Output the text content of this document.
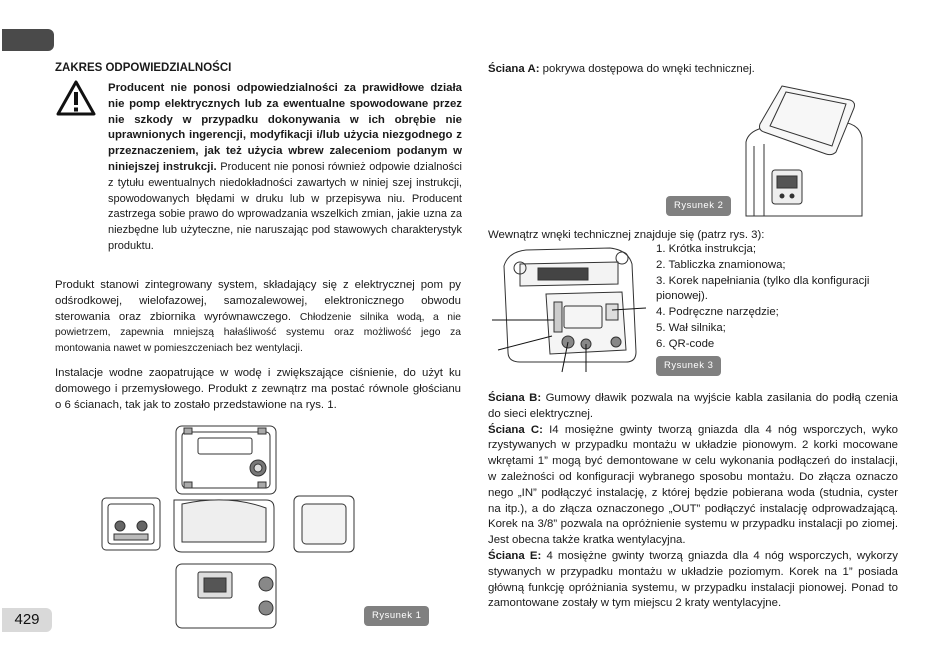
429
ZAKRES ODPOWIEDZIALNOŚCI
Producent nie ponosi odpowiedzialności za prawidłowe działa nie pomp elektrycznych lub za ewentualne spowodowane przez nie szkody w przypadku dokonywania w ich obrębie nie uprawnionych ingerencji, modyfikacji i/lub użycia niezgodnego z przeznaczeniem, jak też użycia wbrew zaleceniom podanym w niniejszej instrukcji. Producent nie ponosi również odpowie dzialności z tytułu ewentualnych niedokładności zawartych w niniej szej instrukcji, spowodowanych błędami w druku lub w przepisywa niu. Producent zastrzega sobie prawo do wprowadzania wszelkich zmian, jakie uzna za niezbędne lub użyteczne, nie naruszając pod stawowych charakterystyk produktu.
Produkt stanowi zintegrowany system, składający się z elektrycznej pom py odśrodkowej, wielofazowej, samozalewowej, elektronicznego obwodu sterowania oraz zbiornika wyrównawczego. Chłodzenie silnika wodą, a nie powietrzem, zapewnia mniejszą hałaśliwość systemu oraz możliwość jego za montowania nawet w pomieszczeniach bez wentylacji.
Instalacje wodne zaopatrujące w wodę i zwiększające ciśnienie, do użyt ku domowego i przemysłowego. Produkt z zewnątrz ma postać równole głościanu o 6 ścianach, tak jak to zostało przedstawione na rys. 1.
Rysunek 1
Ściana A: pokrywa dostępowa do wnęki technicznej.
Rysunek 2
Wewnątrz wnęki technicznej znajduje się (patrz rys. 3):
1. Krótka instrukcja;
2. Tabliczka znamionowa;
3. Korek napełniania (tylko dla konfiguracji pionowej).
4. Podręczne narzędzie;
5. Wał silnika;
6. QR-code
Rysunek 3
Ściana B: Gumowy dławik pozwala na wyjście kabla zasilania do podłą czenia do sieci elektrycznej.
Ściana C: I4 mosiężne gwinty tworzą gniazda dla 4 nóg wsporczych, wyko rzystywanych w przypadku montażu w układzie pionowym. 2 korki mocowane wkrętami 1” mogą być demontowane w celu wykonania podłączeń do instalacji, w zależności od konfiguracji wybranego sposobu montażu. Do złącza oznaczo nego „IN” podłączyć instalację, z której będzie pobierana woda (studnia, cyster na itp.), a do złącza oznaczonego „OUT” podłączyć instalację odprowadzającą. Korek na 3/8” pozwala na opróżnienie systemu w przypadku instalacji po ziomej. Jest obecna także kratka wentylacyjna.
Ściana E: 4 mosiężne gwinty tworzą gniazda dla 4 nóg wsporczych, wykorzy stywanych w przypadku montażu w układzie poziomym. Korek na 1” posiada główną funkcję opróżniania systemu, w przypadku instalacji pionowej. Ponad to zamontowane zostały w tym miejscu 2 kraty wentylacyjne.
